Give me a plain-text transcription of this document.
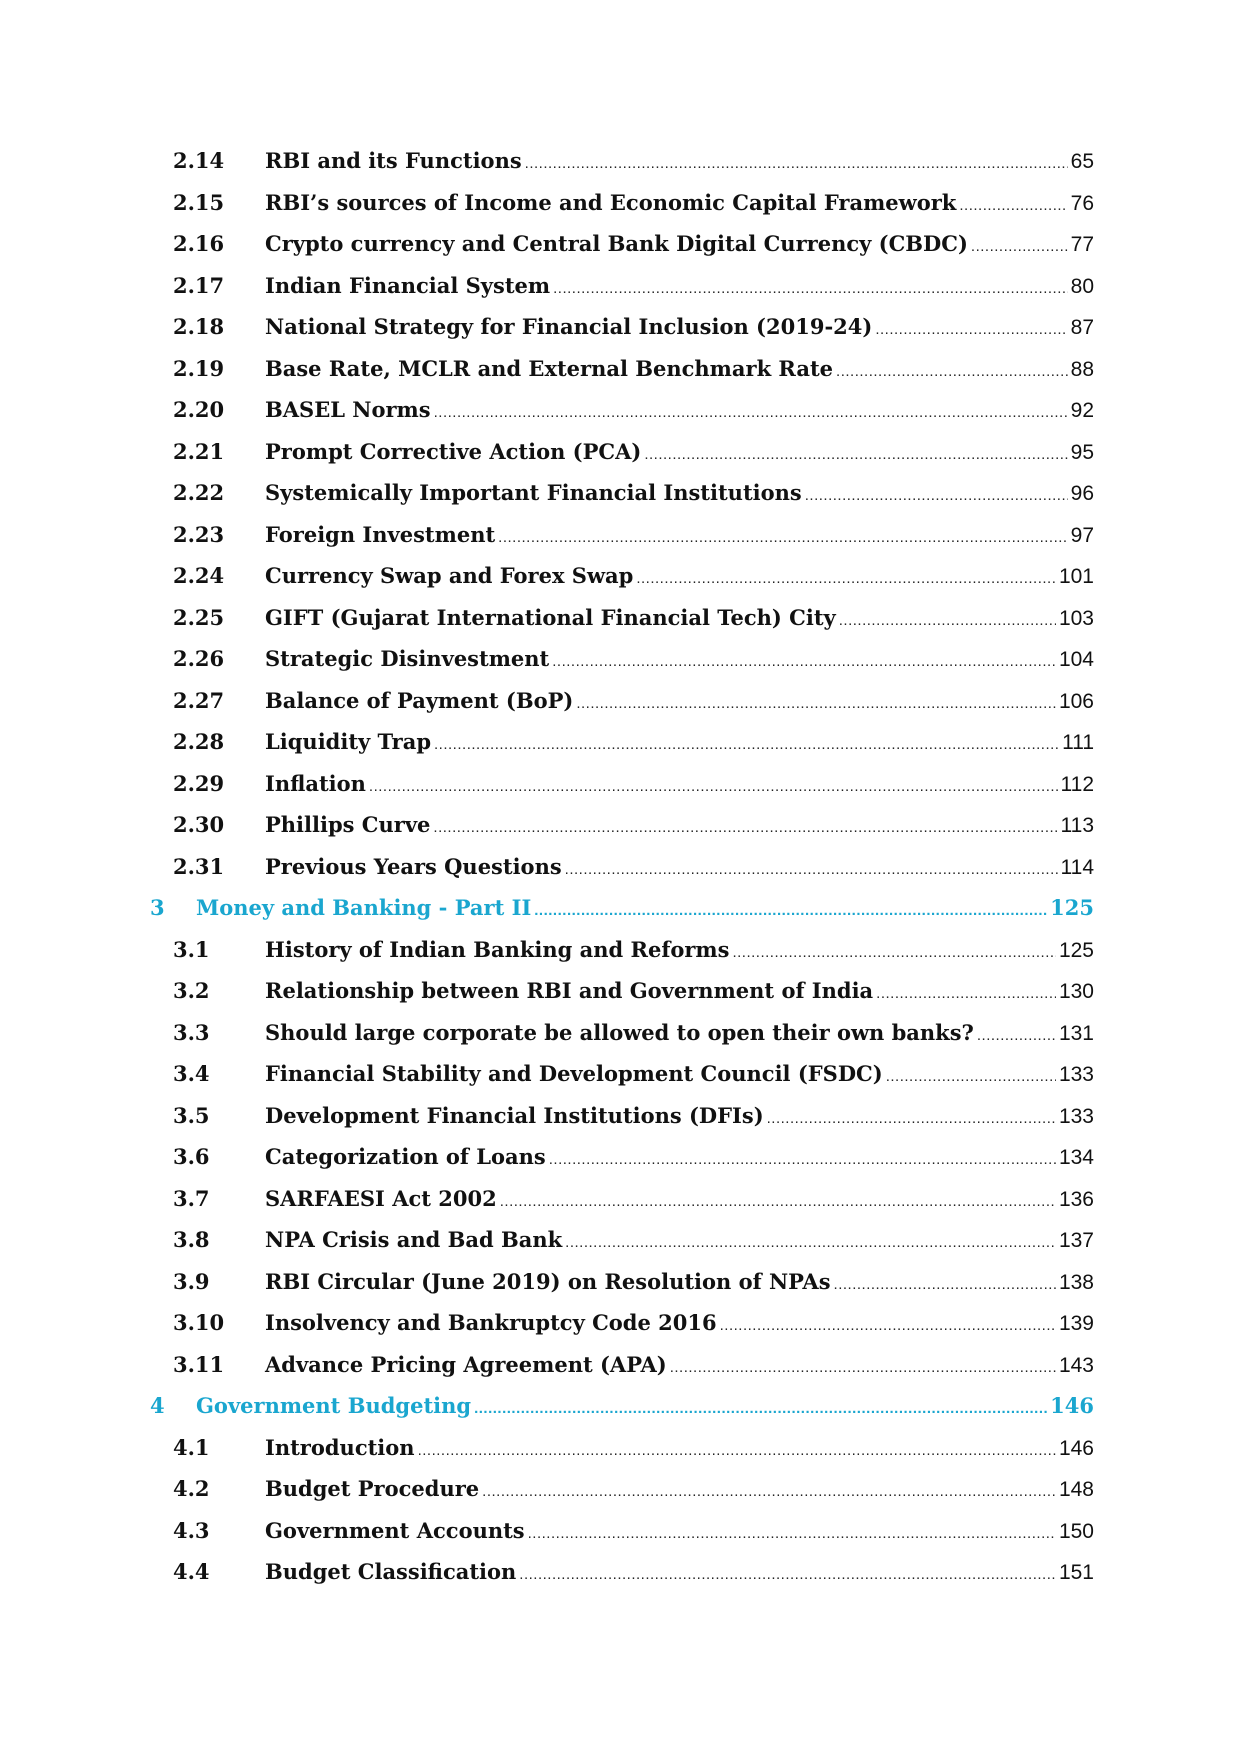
2.14 RBI and its Functions .....	65
2.15 RBI’s sources of Income and Economic Capital Framework .....	76
2.16 Crypto currency and Central Bank Digital Currency (CBDC) .....	77
2.17 Indian Financial System .....	80
2.18 National Strategy for Financial Inclusion (2019-24) .....	87
2.19 Base Rate, MCLR and External Benchmark Rate .....	88
2.20 BASEL Norms .....	92
2.21 Prompt Corrective Action (PCA) .....	95
2.22 Systemically Important Financial Institutions .....	96
2.23 Foreign Investment .....	97
2.24 Currency Swap and Forex Swap .....	101
2.25 GIFT (Gujarat International Financial Tech) City .....	103
2.26 Strategic Disinvestment .....	104
2.27 Balance of Payment (BoP) .....	106
2.28 Liquidity Trap .....	111
2.29 Inflation .....	112
2.30 Phillips Curve .....	113
2.31 Previous Years Questions .....	114
3 Money and Banking - Part II .....	125
3.1	History of Indian Banking and Reforms .....	125
3.2	Relationship between RBI and Government of India .....	130
3.3	Should large corporate be allowed to open their own banks? .....	131
3.4	Financial Stability and Development Council (FSDC) .....	133
3.5	Development Financial Institutions (DFIs) .....	133
3.6	Categorization of Loans .....	134
3.7	SARFAESI Act 2002 .....	136
3.8	NPA Crisis and Bad Bank .....	137
3.9	RBI Circular (June 2019) on Resolution of NPAs .....	138
3.10 Insolvency and Bankruptcy Code 2016 .....	139
3.11 Advance Pricing Agreement (APA) .....	143
4 Government Budgeting .....	146
4.1	Introduction .....	146
4.2	Budget Procedure .....	148
4.3	Government Accounts .....	150
4.4	Budget Classification .....	151
